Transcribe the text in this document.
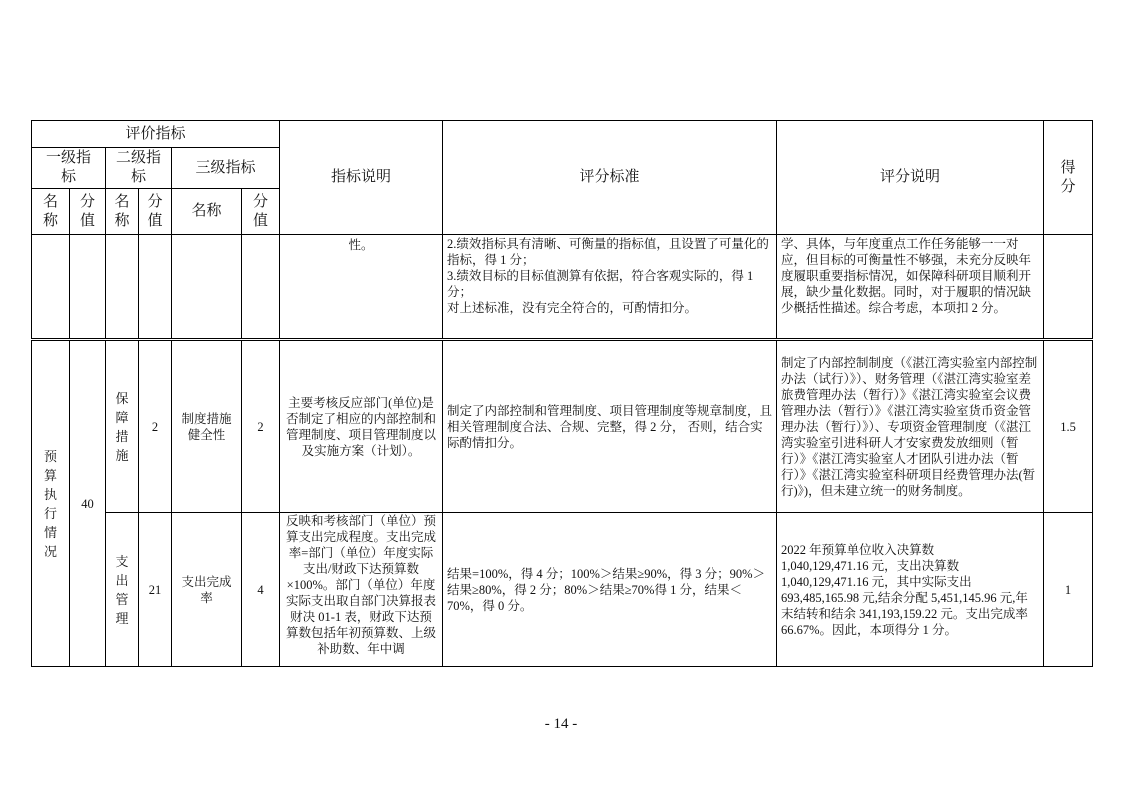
评价指标						指标说明	评分标准	评分说明	得分
一级指标		二级指标		三级指标					
名称	分值	名称	分值	名称	分值				
						性。	2.绩效指标具有清晰、可衡量的指标值，且设置了可量化的指标，得 1 分；
3.绩效目标的目标值测算有依据，符合客观实际的，得 1 分；
对上述标准，没有完全符合的，可酌情扣分。	学、具体，与年度重点工作任务能够一一对应，但目标的可衡量性不够强，未充分反映年度履职重要指标情况，如保障科研项目顺利开展，缺少量化数据。同时，对于履职的情况缺少概括性描述。综合考虑，本项扣 2 分。	

预算执行情况	40	保障措施	2	制度措施健全性	2	主要考核反应部门(单位)是否制定了相应的内部控制和管理制度、项目管理制度以及实施方案（计划）。	制定了内部控制和管理制度、项目管理制度等规章制度，且相关管理制度合法、合规、完整，得 2 分， 否则，结合实际酌情扣分。	制定了内部控制制度（《湛江湾实验室内部控制办法（试行）》）、财务管理（《湛江湾实验室差旅费管理办法（暂行）》《湛江湾实验室会议费管理办法（暂行）》《湛江湾实验室货币资金管理办法（暂行）》）、专项资金管理制度（《湛江湾实验室引进科研人才安家费发放细则（暂行）》《湛江湾实验室人才团队引进办法（暂行）》《湛江湾实验室科研项目经费管理办法(暂行)》)，但未建立统一的财务制度。	1.5
		支出管理	21	支出完成率	4	反映和考核部门（单位）预算支出完成程度。支出完成率=部门（单位）年度实际支出/财政下达预算数×100%。部门（单位）年度实际支出取自部门决算报表财决 01-1 表，财政下达预算数包括年初预算数、上级补助数、年中调	结果=100%，得 4 分；100%＞结果≥90%，得 3 分；90%＞结果≥80%，得 2 分；80%＞结果≥70%得 1 分，结果＜70%，得 0 分。	2022 年预算单位收入决算数
1,040,129,471.16 元，支出决算数
1,040,129,471.16 元，其中实际支出
693,485,165.98 元,结余分配 5,451,145.96 元,年末结转和结余 341,193,159.22 元。支出完成率 66.67%。因此，本项得分 1 分。	1
- 14 -
